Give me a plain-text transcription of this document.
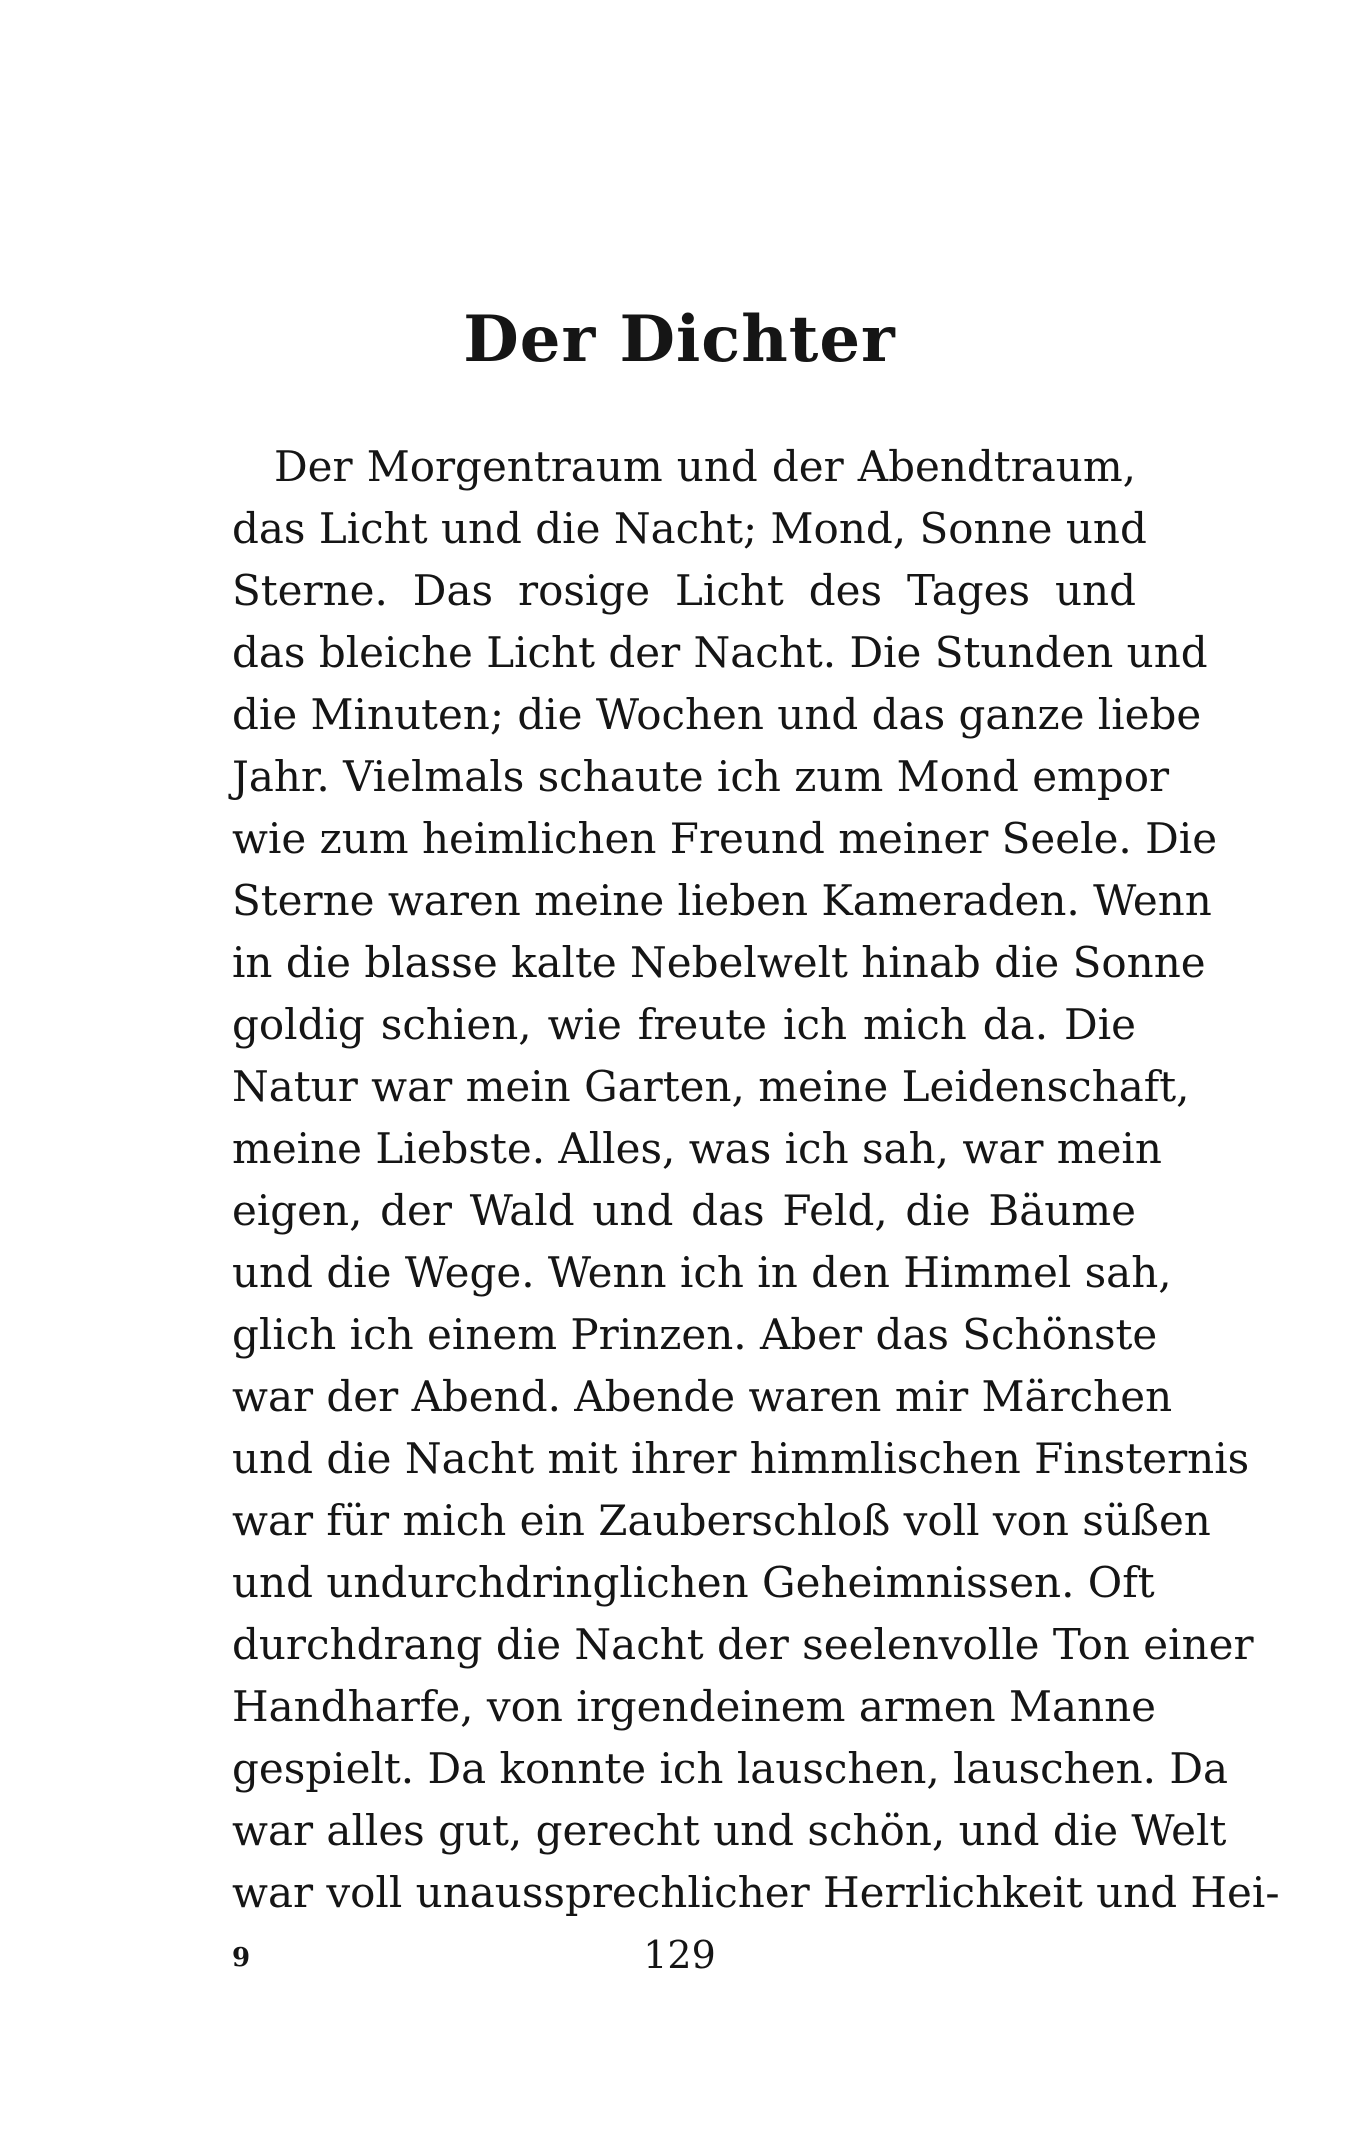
Der Dichter
Der Morgentraum und der Abendtraum,
das Licht und die Nacht; Mond, Sonne und
Sterne. Das rosige Licht des Tages und
das bleiche Licht der Nacht. Die Stunden und
die Minuten; die Wochen und das ganze liebe
Jahr. Vielmals schaute ich zum Mond empor
wie zum heimlichen Freund meiner Seele. Die
Sterne waren meine lieben Kameraden. Wenn
in die blasse kalte Nebelwelt hinab die Sonne
goldig schien, wie freute ich mich da. Die
Natur war mein Garten, meine Leidenschaft,
meine Liebste. Alles, was ich sah, war mein
eigen, der Wald und das Feld, die Bäume
und die Wege. Wenn ich in den Himmel sah,
glich ich einem Prinzen. Aber das Schönste
war der Abend. Abende waren mir Märchen
und die Nacht mit ihrer himmlischen Finsternis
war für mich ein Zauberschloß voll von süßen
und undurchdringlichen Geheimnissen. Oft
durchdrang die Nacht der seelenvolle Ton einer
Handharfe, von irgendeinem armen Manne
gespielt. Da konnte ich lauschen, lauschen. Da
war alles gut, gerecht und schön, und die Welt
war voll unaussprechlicher Herrlichkeit und Hei-
9	129
